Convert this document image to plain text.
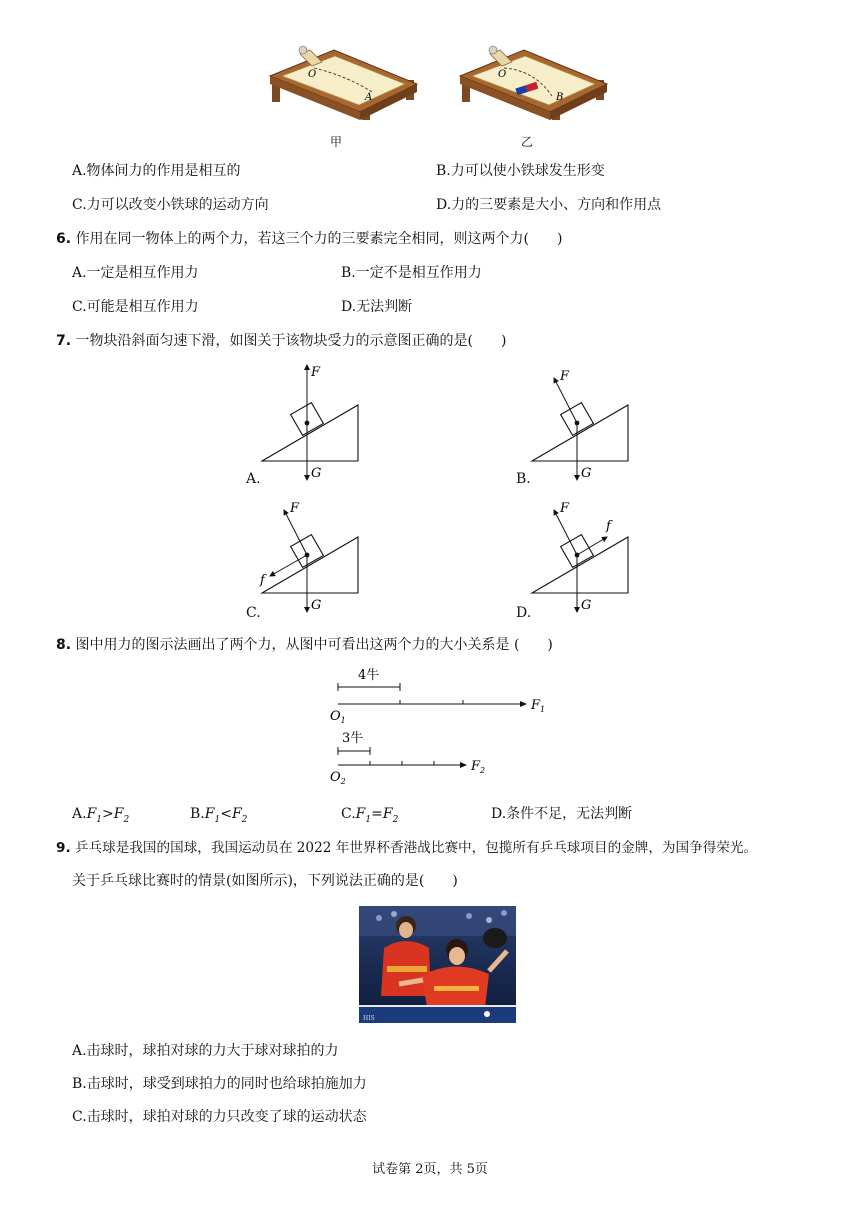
O
A
甲
O
B
乙
A.物体间力的作用是相互的	B.力可以使小铁球发生形变
C.力可以改变小铁球的运动方向	D.力的三要素是大小、方向和作用点
6. 作用在同一物体上的两个力，若这三个力的三要素完全相同，则这两个力(　　)
A.一定是相互作用力	B.一定不是相互作用力
C.可能是相互作用力	D.无法判断
7. 一物块沿斜面匀速下滑，如图关于该物块受力的示意图正确的是(　　)
F
G
A.
F
G
B.
F
G
f
C.
F
G
f
D.
8. 图中用力的图示法画出了两个力，从图中可看出这两个力的大小关系是 (　　)
4牛
$O_1$
$F_1$
3牛
$O_2$
$F_2$
$A.F_1>F_2$	$B.F_1<F_2$	$C.F_1=F_2$	D.条件不足，无法判断
9. 乒乓球是我国的国球，我国运动员在 2022 年世界杯香港战比赛中，包揽所有乒乓球项目的金牌，为国争得荣光。
关于乒乓球比赛时的情景(如图所示)，下列说法正确的是(　　)
HIS
A.击球时，球拍对球的力大于球对球拍的力
B.击球时，球受到球拍力的同时也给球拍施加力
C.击球时，球拍对球的力只改变了球的运动状态
试卷第 2页，共 5页
